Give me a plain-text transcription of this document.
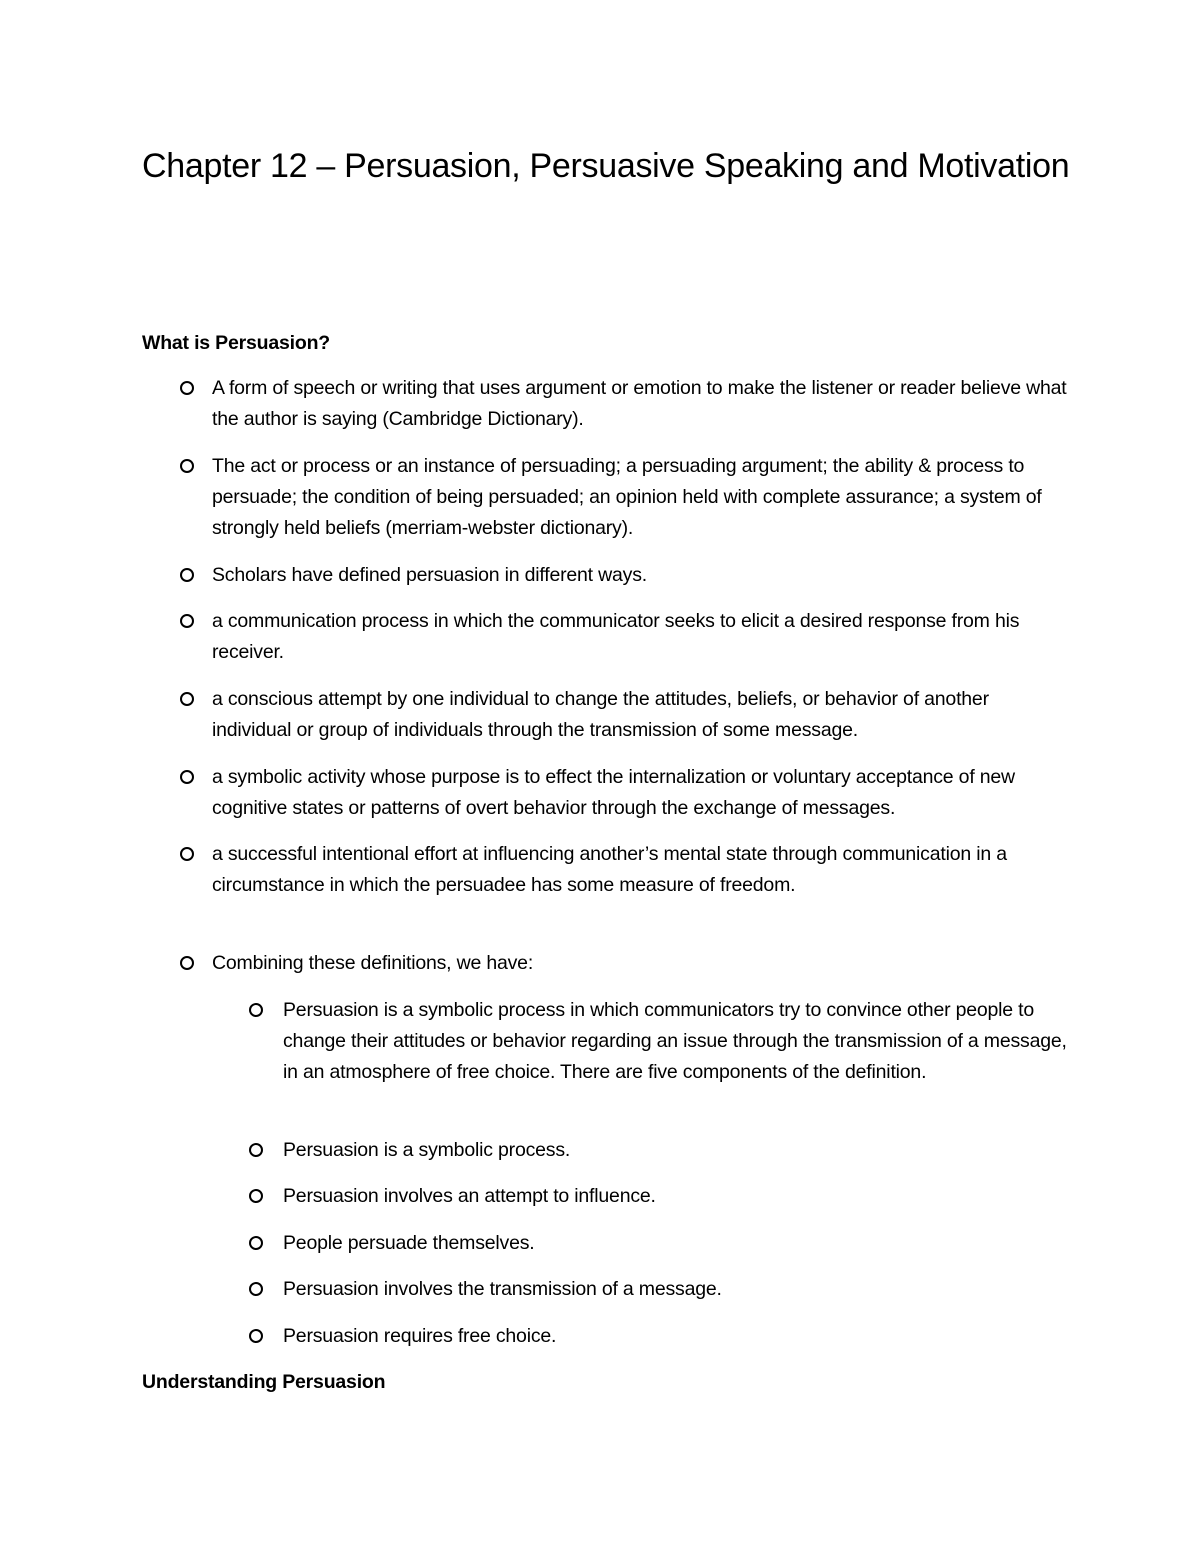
Chapter 12 – Persuasion, Persuasive Speaking and Motivation
What is Persuasion?
A form of speech or writing that uses argument or emotion to make the listener or reader believe what the author is saying (Cambridge Dictionary).
The act or process or an instance of persuading; a persuading argument; the ability & process to persuade; the condition of being persuaded; an opinion held with complete assurance; a system of strongly held beliefs (merriam-webster dictionary).
Scholars have defined persuasion in different ways.
a communication process in which the communicator seeks to elicit a desired response from his receiver.
a conscious attempt by one individual to change the attitudes, beliefs, or behavior of another individual or group of individuals through the transmission of some message.
a symbolic activity whose purpose is to effect the internalization or voluntary acceptance of new cognitive states or patterns of overt behavior through the exchange of messages.
a successful intentional effort at influencing another’s mental state through communication in a circumstance in which the persuadee has some measure of freedom.
Combining these definitions, we have:
Persuasion is a symbolic process in which communicators try to convince other people to change their attitudes or behavior regarding an issue through the transmission of a message, in an atmosphere of free choice. There are five components of the definition.
Persuasion is a symbolic process.
Persuasion involves an attempt to influence.
People persuade themselves.
Persuasion involves the transmission of a message.
Persuasion requires free choice.
Understanding Persuasion
